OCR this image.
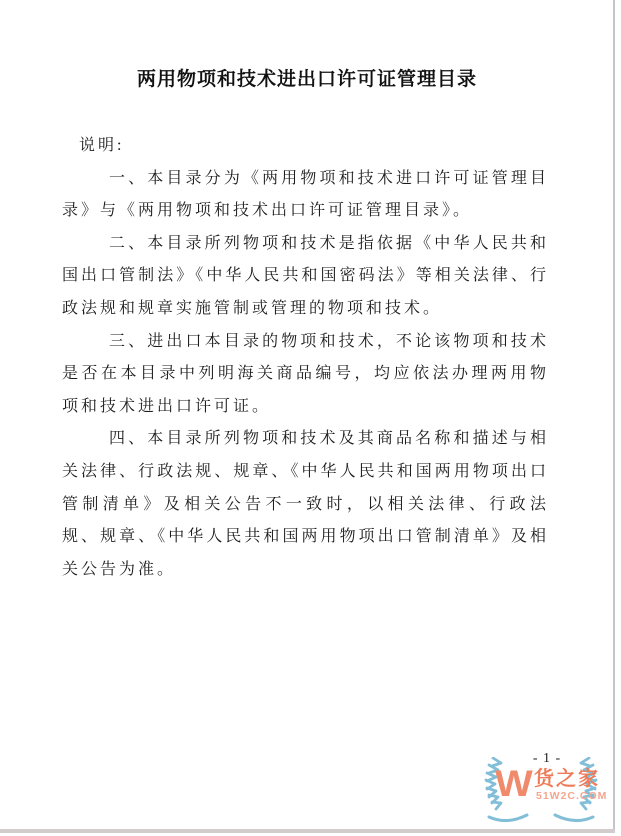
两用物项和技术进出口许可证管理目录
说明:

一、本目录分为《两用物项和技术进口许可证管理目录》与《两用物项和技术出口许可证管理目录》。

二、本目录所列物项和技术是指依据《中华人民共和国出口管制法》《中华人民共和国密码法》等相关法律、行政法规和规章实施管制或管理的物项和技术。

三、进出口本目录的物项和技术，不论该物项和技术是否在本目录中列明海关商品编号，均应依法办理两用物项和技术进出口许可证。

四、本目录所列物项和技术及其商品名称和描述与相关法律、行政法规、规章、《中华人民共和国两用物项出口管制清单》及相关公告不一致时，以相关法律、行政法规、规章、《中华人民共和国两用物项出口管制清单》及相关公告为准。

- 1 -
W 货之家
51W2C.COM
